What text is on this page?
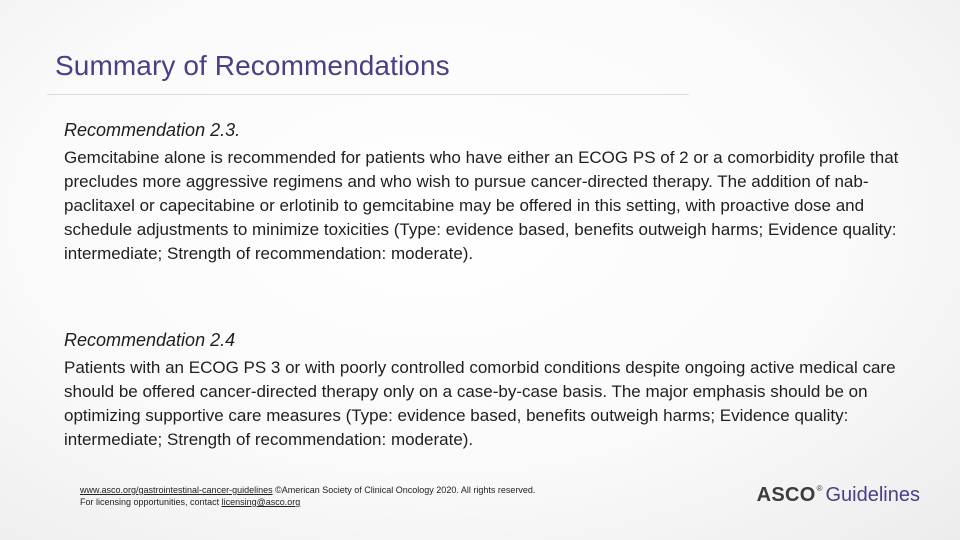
Summary of Recommendations

Recommendation 2.3.

Gemcitabine alone is recommended for patients who have either an ECOG PS of 2 or a comorbidity profile that precludes more aggressive regimens and who wish to pursue cancer-directed therapy. The addition of nab-paclitaxel or capecitabine or erlotinib to gemcitabine may be offered in this setting, with proactive dose and schedule adjustments to minimize toxicities (Type: evidence based, benefits outweigh harms; Evidence quality: intermediate; Strength of recommendation: moderate).

Recommendation 2.4

Patients with an ECOG PS 3 or with poorly controlled comorbid conditions despite ongoing active medical care should be offered cancer-directed therapy only on a case-by-case basis. The major emphasis should be on optimizing supportive care measures (Type: evidence based, benefits outweigh harms; Evidence quality: intermediate; Strength of recommendation: moderate).

www.asco.org/gastrointestinal-cancer-guidelines ©American Society of Clinical Oncology 2020. All rights reserved.
For licensing opportunities, contact licensing@asco.org	ASCO ® Guidelines
